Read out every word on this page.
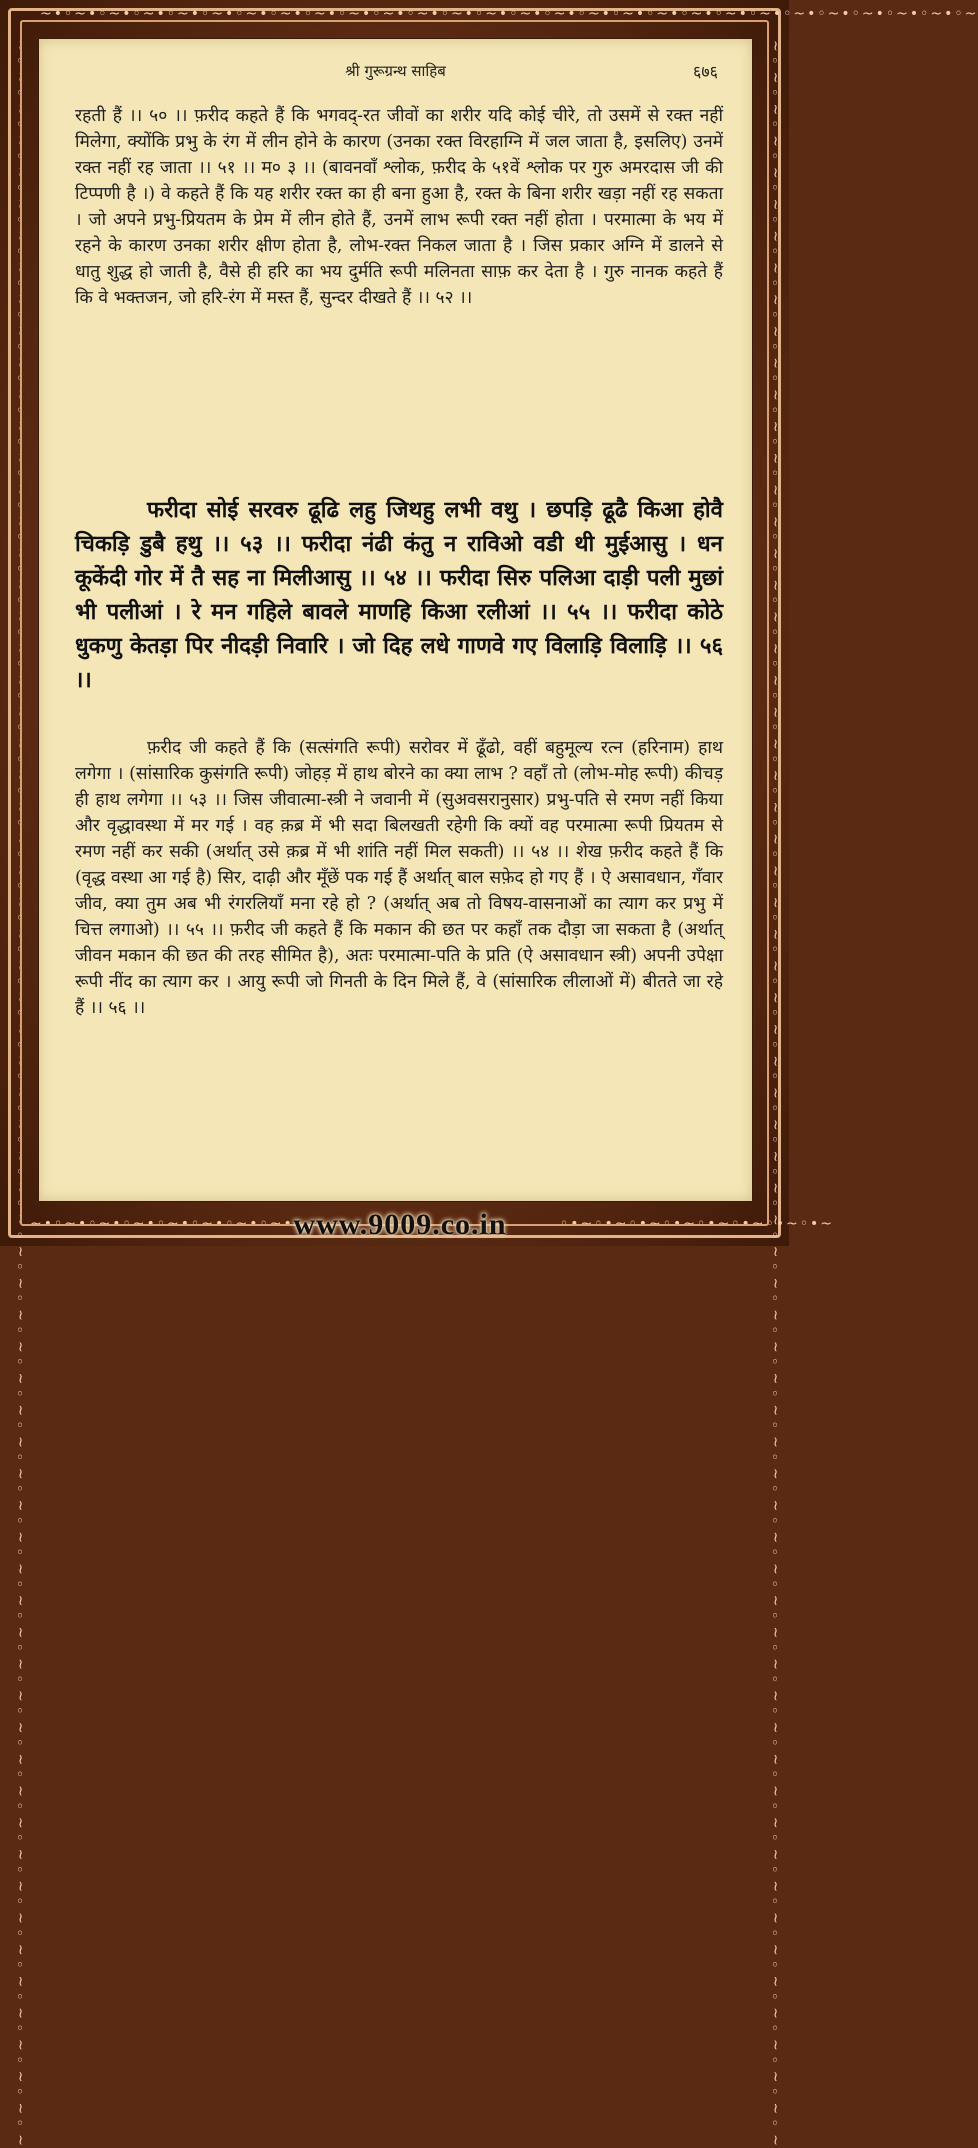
~•◦~•◦~•◦~•◦~•◦~•◦~•◦~•◦~•◦~•◦~•◦~•◦~•◦~•◦~•◦~•◦~•◦~•◦~•◦~•◦~•◦~•◦~•◦~•◦~•◦~•◦~•◦~
~◦~◦~◦~◦~◦~◦~◦~◦~◦~◦~◦~◦~◦~◦~◦~◦~◦~◦~◦~◦~◦~◦~◦~◦~◦~◦~◦~◦~◦~◦~◦~◦~◦~◦~◦~◦~◦~◦~◦~◦~◦~◦~◦~◦~◦~◦~◦~◦~◦~◦~◦~◦~◦~◦~◦~◦~◦~◦~◦~◦~◦~◦~◦~◦~◦~◦~	~◦~◦~◦~◦~◦~◦~◦~◦~◦~◦~◦~◦~◦~◦~◦~◦~◦~◦~◦~◦~◦~◦~◦~◦~◦~◦~◦~◦~◦~◦~◦~◦~◦~◦~◦~◦~◦~◦~◦~◦~◦~◦~◦~◦~◦~◦~◦~◦~◦~◦~◦~◦~◦~◦~◦~◦~◦~◦~◦~◦~◦~◦~◦~◦~◦~◦~
~•◦~•◦~•◦~•◦~•◦~•◦~•◦~•◦	◦•~◦•~◦•~◦•~◦•~◦•~◦•~◦•~
श्री गुरूग्रन्थ साहिब	६७६

रहती हैं ।। ५० ।। फ़रीद कहते हैं कि भगवद्-रत जीवों का शरीर यदि कोई चीरे, तो उसमें से रक्त नहीं मिलेगा, क्योंकि प्रभु के रंग में लीन होने के कारण (उनका रक्त विरहाग्नि में जल जाता है, इसलिए) उनमें रक्त नहीं रह जाता ।। ५१ ।। म० ३ ।। (बावनवाँ श्लोक, फ़रीद के ५१वें श्लोक पर गुरु अमरदास जी की टिप्पणी है ।) वे कहते हैं कि यह शरीर रक्त का ही बना हुआ है, रक्त के बिना शरीर खड़ा नहीं रह सकता । जो अपने प्रभु-प्रियतम के प्रेम में लीन होते हैं, उनमें लाभ रूपी रक्त नहीं होता । परमात्मा के भय में रहने के कारण उनका शरीर क्षीण होता है, लोभ-रक्त निकल जाता है । जिस प्रकार अग्नि में डालने से धातु शुद्ध हो जाती है, वैसे ही हरि का भय दुर्मति रूपी मलिनता साफ़ कर देता है । गुरु नानक कहते हैं कि वे भक्तजन, जो हरि-रंग में मस्त हैं, सुन्दर दीखते हैं ।। ५२ ।।

फरीदा सोई सरवरु ढूढि लहु जिथहु लभी वथु । छपड़ि ढूढै किआ होवै चिकड़ि डुबै हथु ।। ५३ ।। फरीदा नंढी कंतु न राविओ वडी थी मुईआसु । धन कूकेंदी गोर में तै सह ना मिलीआसु ।। ५४ ।। फरीदा सिरु पलिआ दाड़ी पली मुछां भी पलीआं । रे मन गहिले बावले माणहि किआ रलीआं ।। ५५ ।। फरीदा कोठे धुकणु केतड़ा पिर नीदड़ी निवारि । जो दिह लधे गाणवे गए विलाड़ि विलाड़ि ।। ५६ ।।

फ़रीद जी कहते हैं कि (सत्संगति रूपी) सरोवर में ढूँढो, वहीं बहुमूल्य रत्न (हरिनाम) हाथ लगेगा । (सांसारिक कुसंगति रूपी) जोहड़ में हाथ बोरने का क्या लाभ ? वहाँ तो (लोभ-मोह रूपी) कीचड़ ही हाथ लगेगा ।। ५३ ।। जिस जीवात्मा-स्त्री ने जवानी में (सुअवसरानुसार) प्रभु-पति से रमण नहीं किया और वृद्धावस्था में मर गई । वह क़ब्र में भी सदा बिलखती रहेगी कि क्यों वह परमात्मा रूपी प्रियतम से रमण नहीं कर सकी (अर्थात् उसे क़ब्र में भी शांति नहीं मिल सकती) ।। ५४ ।। शेख फ़रीद कहते हैं कि (वृद्ध वस्था आ गई है) सिर, दाढ़ी और मूँछें पक गई हैं अर्थात् बाल सफ़ेद हो गए हैं । ऐ असावधान, गँवार जीव, क्या तुम अब भी रंगरलियाँ मना रहे हो ? (अर्थात् अब तो विषय-वासनाओं का त्याग कर प्रभु में चित्त लगाओ) ।। ५५ ।। फ़रीद जी कहते हैं कि मकान की छत पर कहाँ तक दौड़ा जा सकता है (अर्थात् जीवन मकान की छत की तरह सीमित है), अतः परमात्मा-पति के प्रति (ऐ असावधान स्त्री) अपनी उपेक्षा रूपी नींद का त्याग कर । आयु रूपी जो गिनती के दिन मिले हैं, वे (सांसारिक लीलाओं में) बीतते जा रहे हैं ।। ५६ ।।

www.9009.co.in
